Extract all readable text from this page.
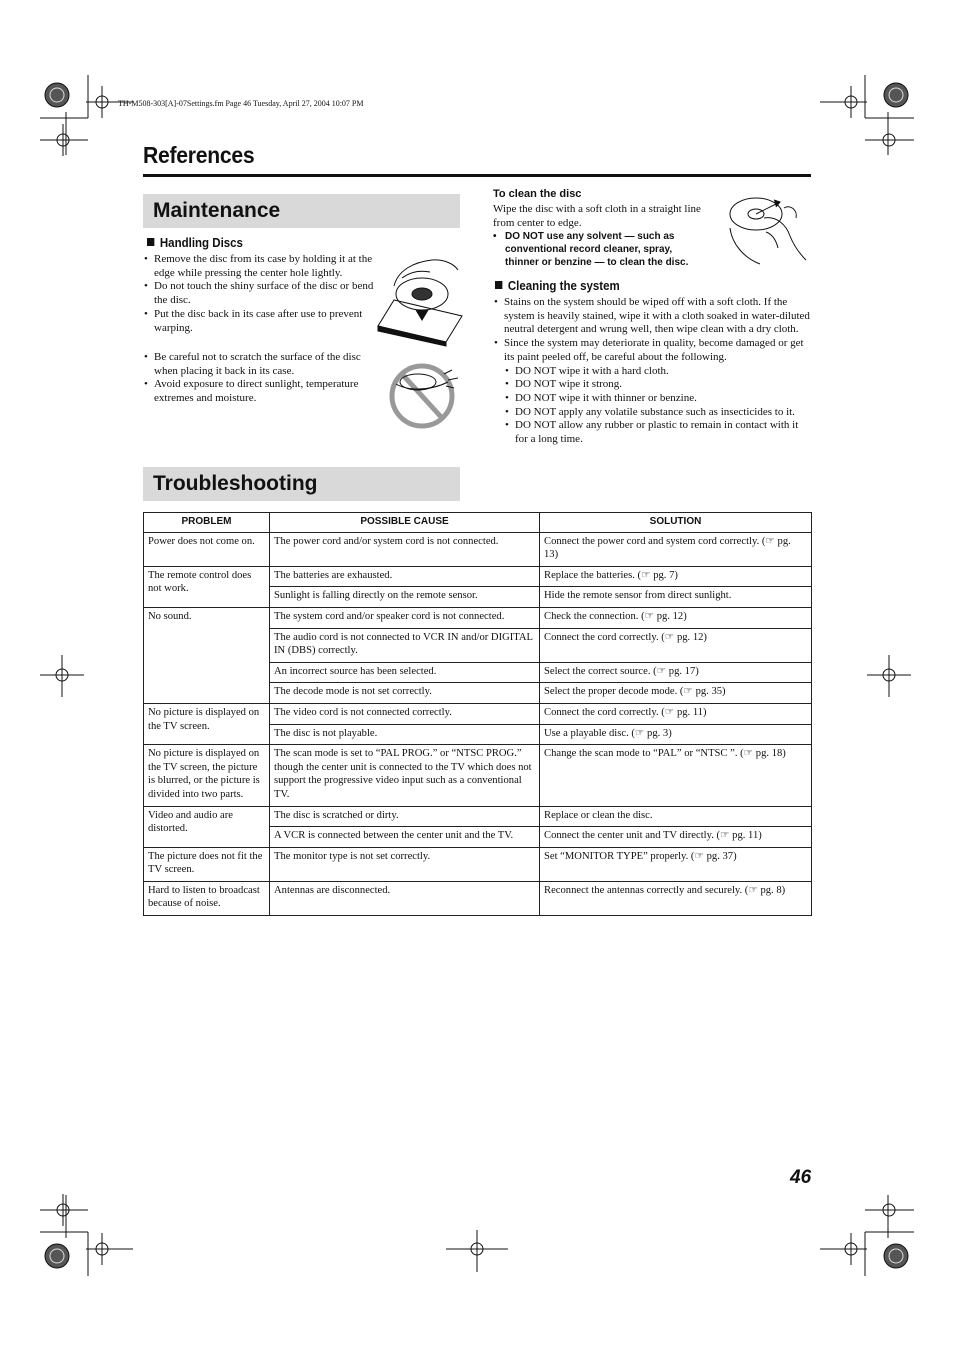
TH-M508-303[A]-07Settings.fm Page 46 Tuesday, April 27, 2004 10:07 PM
References
Maintenance
Handling Discs
• Remove the disc from its case by holding it at the edge while pressing the center hole lightly.
• Do not touch the shiny surface of the disc or bend the disc.
• Put the disc back in its case after use to prevent warping.
• Be careful not to scratch the surface of the disc when placing it back in its case.
• Avoid exposure to direct sunlight, temperature extremes and moisture.
To clean the disc
Wipe the disc with a soft cloth in a straight line from center to edge.
• DO NOT use any solvent — such as
conventional record cleaner, spray,
thinner or benzine — to clean the disc.
Cleaning the system
• Stains on the system should be wiped off with a soft cloth. If the system is heavily stained, wipe it with a cloth soaked in water-diluted neutral detergent and wrung well, then wipe clean with a dry cloth.
• Since the system may deteriorate in quality, become damaged or get its paint peeled off, be careful about the following.
• DO NOT wipe it with a hard cloth.
• DO NOT wipe it strong.
• DO NOT wipe it with thinner or benzine.
• DO NOT apply any volatile substance such as insecticides to it.
• DO NOT allow any rubber or plastic to remain in contact with it for a long time.
Troubleshooting
PROBLEM	POSSIBLE CAUSE	SOLUTION
Power does not come on.	The power cord and/or system cord is not connected.	Connect the power cord and system cord correctly. (☞ pg. 13)
The remote control does not work.	The batteries are exhausted.	Replace the batteries. (☞ pg. 7)
	Sunlight is falling directly on the remote sensor.	Hide the remote sensor from direct sunlight.
No sound.	The system cord and/or speaker cord is not connected.	Check the connection. (☞ pg. 12)
	The audio cord is not connected to VCR IN and/or DIGITAL IN (DBS) correctly.	Connect the cord correctly. (☞ pg. 12)
	An incorrect source has been selected.	Select the correct source. (☞ pg. 17)
	The decode mode is not set correctly.	Select the proper decode mode. (☞ pg. 35)
No picture is displayed on the TV screen.	The video cord is not connected correctly.	Connect the cord correctly. (☞ pg. 11)
	The disc is not playable.	Use a playable disc. (☞ pg. 3)
No picture is displayed on the TV screen, the picture is blurred, or the picture is divided into two parts.	The scan mode is set to “PAL PROG.” or “NTSC PROG.” though the center unit is connected to the TV which does not support the progressive video input such as a conventional TV.	Change the scan mode to “PAL” or “NTSC ”. (☞ pg. 18)
Video and audio are distorted.	The disc is scratched or dirty.	Replace or clean the disc.
	A VCR is connected between the center unit and the TV.	Connect the center unit and TV directly. (☞ pg. 11)
The picture does not fit the TV screen.	The monitor type is not set correctly.	Set “MONITOR TYPE” properly. (☞ pg. 37)
Hard to listen to broadcast because of noise.	Antennas are disconnected.	Reconnect the antennas correctly and securely. (☞ pg. 8)
46
